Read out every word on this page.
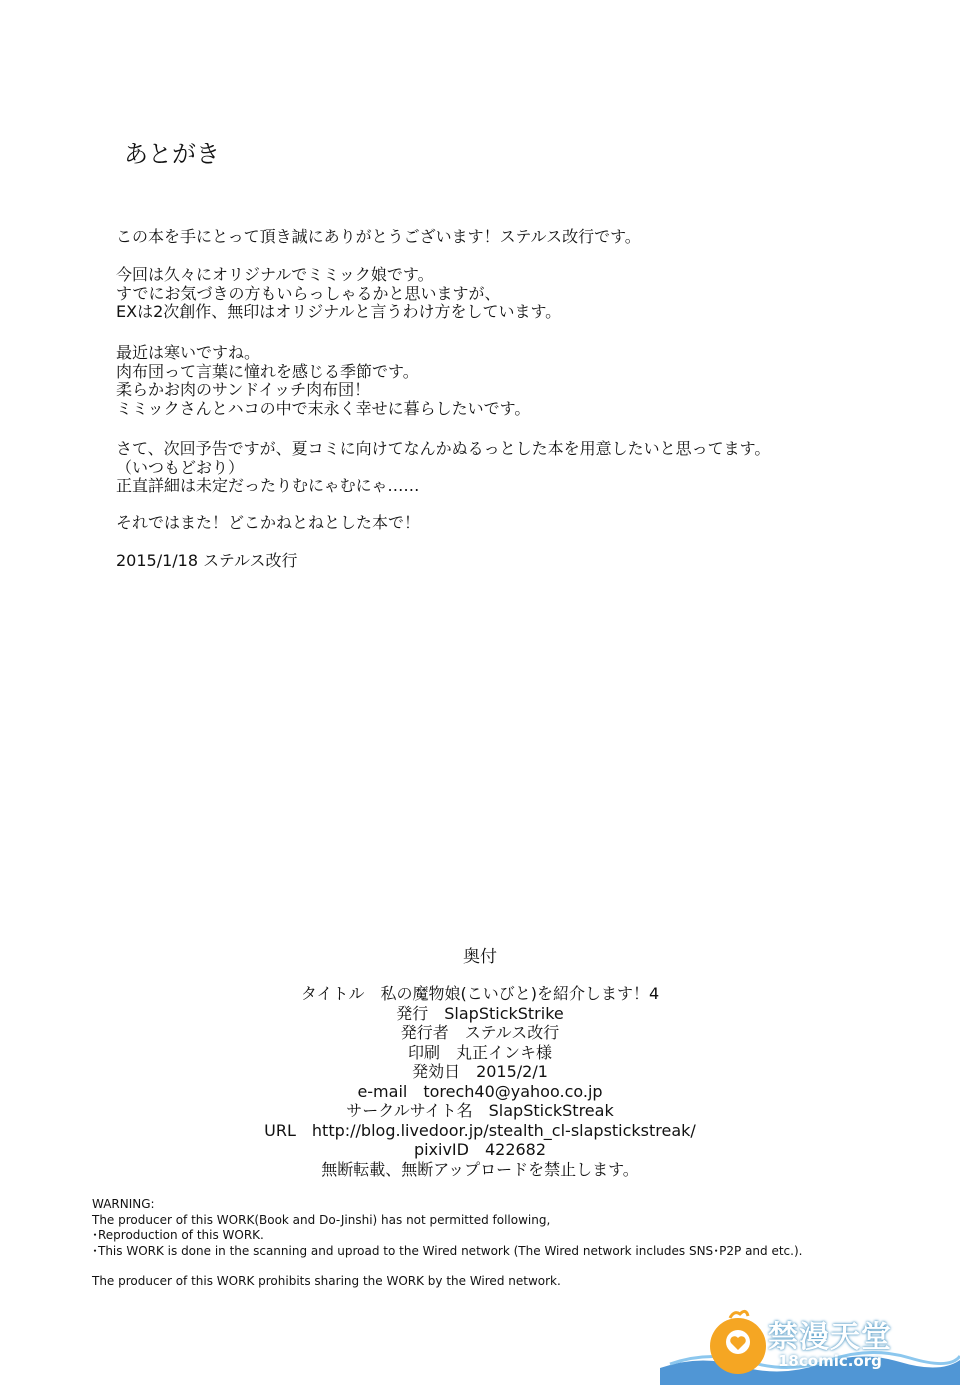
あとがき
この本を手にとって頂き誠にありがとうございます！ステルス改行です。
今回は久々にオリジナルでミミック娘です。
すでにお気づきの方もいらっしゃるかと思いますが、
EXは2次創作、無印はオリジナルと言うわけ方をしています。
最近は寒いですね。
肉布団って言葉に憧れを感じる季節です。
柔らかお肉のサンドイッチ肉布団！
ミミックさんとハコの中で末永く幸せに暮らしたいです。
さて、次回予告ですが、夏コミに向けてなんかぬるっとした本を用意したいと思ってます。
（いつもどおり）
正直詳細は未定だったりむにゃむにゃ……
それではまた！どこかねとねとした本で！
2015/1/18 ステルス改行
奥付
タイトル　私の魔物娘(こいびと)を紹介します！4
発行　SlapStickStrike
発行者　ステルス改行
印刷　丸正インキ様
発効日　2015/2/1
e-mail　torech40@yahoo.co.jp
サークルサイト名　SlapStickStreak
URL　http://blog.livedoor.jp/stealth_cl-slapstickstreak/
pixivID　422682
無断転載、無断アップロードを禁止します。
WARNING:
The producer of this WORK(Book and Do-Jinshi) has not permitted following,
･Reproduction of this WORK.
･This WORK is done in the scanning and uproad to the Wired network (The Wired network includes SNS･P2P and etc.).
The producer of this WORK prohibits sharing the WORK by the Wired network.
禁漫天堂
18comic.org
